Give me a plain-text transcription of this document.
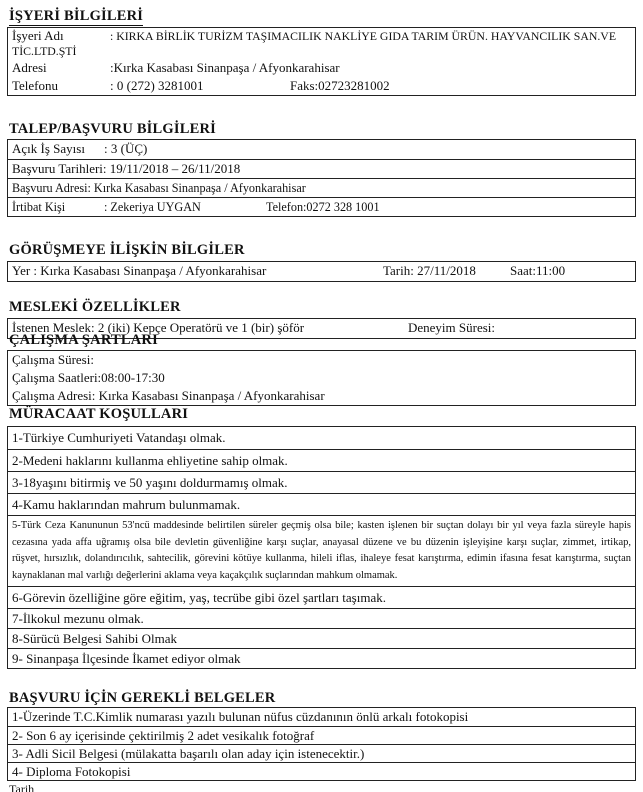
İŞYERİ BİLGİLERİ
İşyeri Adı	: KIRKA BİRLİK TURİZM TAŞIMACILIK NAKLİYE GIDA TARIM ÜRÜN. HAYVANCILIK SAN.VE
TİC.LTD.ŞTİ
Adresi	:Kırka Kasabası Sinanpaşa / Afyonkarahisar
Telefonu	: 0 (272) 3281001	Faks:02723281002
TALEP/BAŞVURU BİLGİLERİ
Açık İş Sayısı : 3 (ÜÇ)
Başvuru Tarihleri: 19/11/2018 – 26/11/2018
Başvuru Adresi: Kırka Kasabası Sinanpaşa / Afyonkarahisar
İrtibat Kişi	: Zekeriya UYGAN	Telefon:0272 328 1001
GÖRÜŞMEYE İLİŞKİN BİLGİLER
Yer : Kırka Kasabası Sinanpaşa / Afyonkarahisar	Tarih: 27/11/2018	Saat:11:00
MESLEKİ ÖZELLİKLER
İstenen Meslek: 2 (iki) Kepçe Operatörü ve 1 (bir) şöför	Deneyim Süresi:
ÇALIŞMA ŞARTLARI
Çalışma Süresi:
Çalışma Saatleri:08:00-17:30
Çalışma Adresi: Kırka Kasabası Sinanpaşa / Afyonkarahisar
MÜRACAAT KOŞULLARI
1-Türkiye Cumhuriyeti Vatandaşı olmak.
2-Medeni haklarını kullanma ehliyetine sahip olmak.
3-18yaşını bitirmiş ve 50 yaşını doldurmamış olmak.
4-Kamu haklarından mahrum bulunmamak.
5-Türk Ceza Kanununun 53'ncü maddesinde belirtilen süreler geçmiş olsa bile; kasten işlenen bir suçtan dolayı bir yıl veya fazla süreyle hapis cezasına yada affa uğramış olsa bile devletin güvenliğine karşı suçlar, anayasal düzene ve bu düzenin işleyişine karşı suçlar, zimmet, irtikap, rüşvet, hırsızlık, dolandırıcılık, sahtecilik, görevini kötüye kullanma, hileli iflas, ihaleye fesat karıştırma, edimin ifasına fesat karıştırma, suçtan kaynaklanan mal varlığı değerlerini aklama veya kaçakçılık suçlarından mahkum olmamak.
6-Görevin özelliğine göre eğitim, yaş, tecrübe gibi özel şartları taşımak.
7-İlkokul mezunu olmak.
8-Sürücü Belgesi Sahibi Olmak
9- Sinanpaşa İlçesinde İkamet ediyor olmak
BAŞVURU İÇİN GEREKLİ BELGELER
1-Üzerinde T.C.Kimlik numarası yazılı bulunan nüfus cüzdanının önlü arkalı fotokopisi
2- Son 6 ay içerisinde çektirilmiş 2 adet vesikalık fotoğraf
3- Adli Sicil Belgesi (mülakatta başarılı olan aday için istenecektir.)
4- Diploma Fotokopisi
Tarih
